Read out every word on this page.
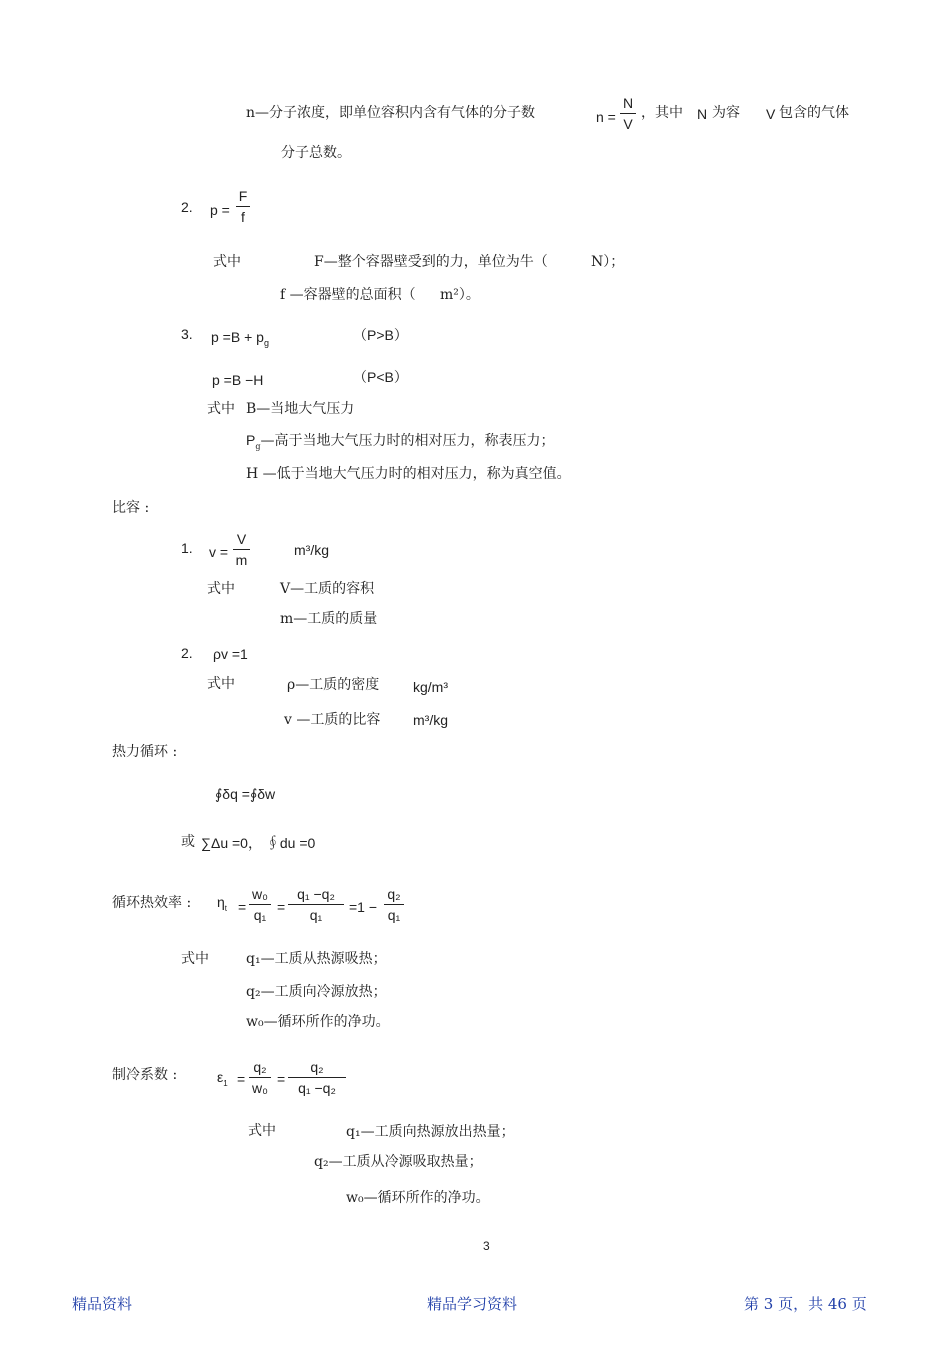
n—分子浓度，即单位容积内含有气体的分子数	n =
N
V
，其中 N 为容 V 包含的气体
分子总数。
2. p =
F
f
式中	F—整个容器壁受到的力，单位为牛（	N）；
f —容器壁的总面积（ m²）。
3. $p =B + p_g$	（P>B）
p =B −H	（P<B）
式中 B—当地大气压力
$P_g—$高于当地大气压力时的相对压力，称表压力；
H —低于当地大气压力时的相对压力，称为真空值。
比容 :
1. v =
V
m
m³/kg
式中	V—工质的容积
m—工质的质量
2. ρv =1
式中	ρ—工质的密度 kg/m³
v —工质的比容 m³/kg
热力循环 :
∮δq =∮δw
或 ∑Δu =0， ∮du =0
循环热效率 : $\eta_t$ =
w₀
q₁ =
q₁ −q₂
q₁	=1 −
q₂
q₁
式中	q₁—工质从热源吸热；
q₂—工质向冷源放热；
w₀—循环所作的净功。
制冷系数 :	$\varepsilon_1$ =
q₂
w₀
=
q₂
q₁ −q₂
式中	q₁—工质向热源放出热量；
q₂—工质从冷源吸取热量；
w₀—循环所作的净功。
3
精品资料	精品学习资料	第 3 页，共 46 页
